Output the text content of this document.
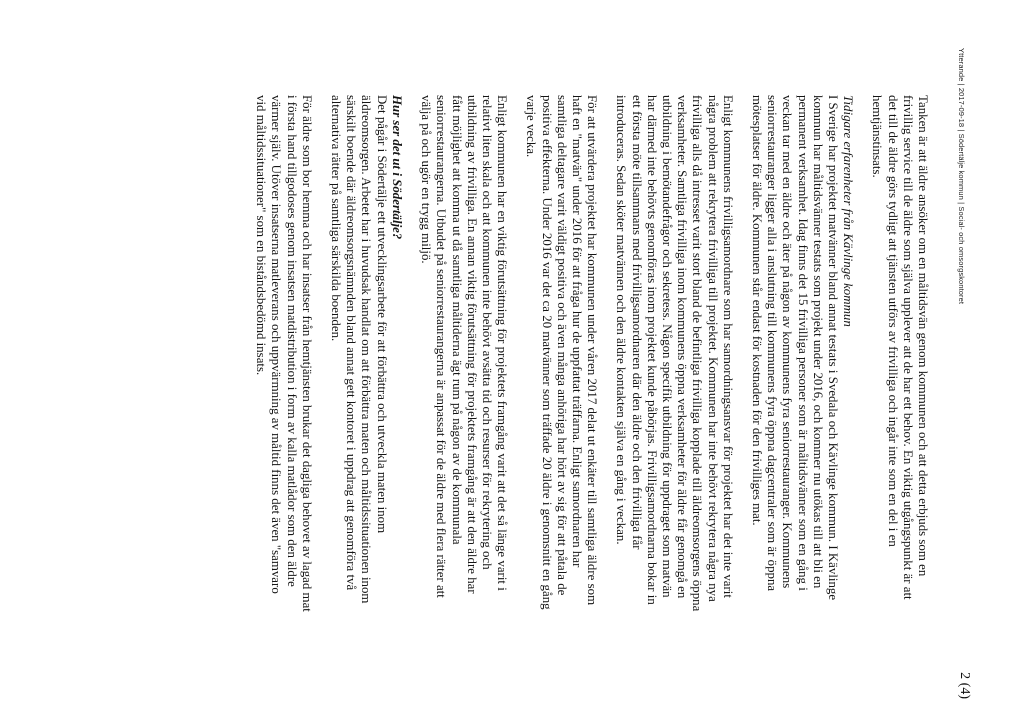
Ytterande | 2017-09-18 | Södertälje kommun | Social- och omsorgskontoret
2 (4)

Tanken är att äldre ansöker om en måltidsvän genom kommunen och att detta erbjuds som en frivillig service till de äldre som själva upplever att de har ett behov. En viktig utgångspunkt är att det till de äldre görs tydligt att tjänsten utförs av frivilliga och ingår inte som en del i en hemtjänstinsats.

Tidigare erfarenheter från Kävlinge kommun

I Sverige har projektet matvänner bland annat testats i Svedala och Kävlinge kommun. I Kävlinge kommun har måltidsvänner testats som projekt under 2016, och kommer nu utökas till att bli en permanent verksamhet. Idag finns det 15 frivilliga personer som är måltidsvänner som en gång i veckan tar med en äldre och äter på någon av kommunens fyra seniorrestauranger. Kommunens seniorrestauranger ligger alla i anslutning till kommunens fyra öppna dagcentraler som är öppna mötesplatser för äldre. Kommunen står endast för kostnaden för den frivilliges mat.

Enligt kommunens frivilligsamordnare som har samordningsansvar för projektet har det inte varit några problem att rekrytera frivilliga till projektet. Kommunen har inte behövt rekrytera några nya frivilliga alls då intresset varit stort bland de befintliga frivilliga kopplade till äldreomsorgens öppna verksamheter. Samtliga frivilliga inom kommunens öppna verksamheter för äldre får genomgå en utbildning i bemötandefrågor och sekretess. Någon specifik utbildning för uppdraget som matvän har därmed inte behövts genomföras inom projektet kunde påbörjas. Frivilligsamordnarna bokar in ett första möte tillsammans med frivilligsamordnaren där den äldre och den frivilliga får introduceras. Sedan sköter matvännen och den äldre kontakten själva en gång i veckan.

För att utvärdera projektet har kommunen under våren 2017 delat ut enkäter till samtliga äldre som haft en "matvän" under 2016 för att fråga hur de uppfattat träffarna. Enligt samordnaren har samtliga deltagare varit väldigt positiva och även många anhöriga har hört av sig för att påtala de positiva effekterna. Under 2016 var det ca 20 matvänner som träffade 20 äldre i genomsnitt en gång varje vecka.

Enligt kommunen har en viktig förutsättning för projektets framgång varit att det så länge varit i relativt liten skala och att kommunen inte behövt avsätta tid och resurser för rekrytering och utbildning av frivilliga. En annan viktig förutsättning för projektets framgång är att den äldre har fått möjlighet att komma ut då samtliga måltiderna ägt rum på någon av de kommunala seniorrestaurangerna. Utbudet på seniorrestaurangerna är anpassat för de äldre med flera rätter att välja på och ugör en trygg miljö.

Hur ser det ut i Södertälje?

Det pågår i Södertälje ett utvecklingsarbete för att förbättra och utveckla maten inom äldreomsorgen. Arbetet har i huvudsak handlat om att förbättra maten och måltidssituationen inom särskilt boende där äldreomsorgsnämnden bland annat gett kontoret i uppdrag att genomföra två alternativa rätter på samtliga särskilda boenden.

För äldre som bor hemma och har insatser från hemtjänsten brukar det dagliga behovet av lagad mat i första hand tillgodoses genom insatsen matdistribution i form av kalla matlådor som den äldre värmer själv. Utöver insatserna matleverans och uppvärmning av måltid finns det även "samvaro vid måltidssituationer" som en biståndsbedömd insats.
